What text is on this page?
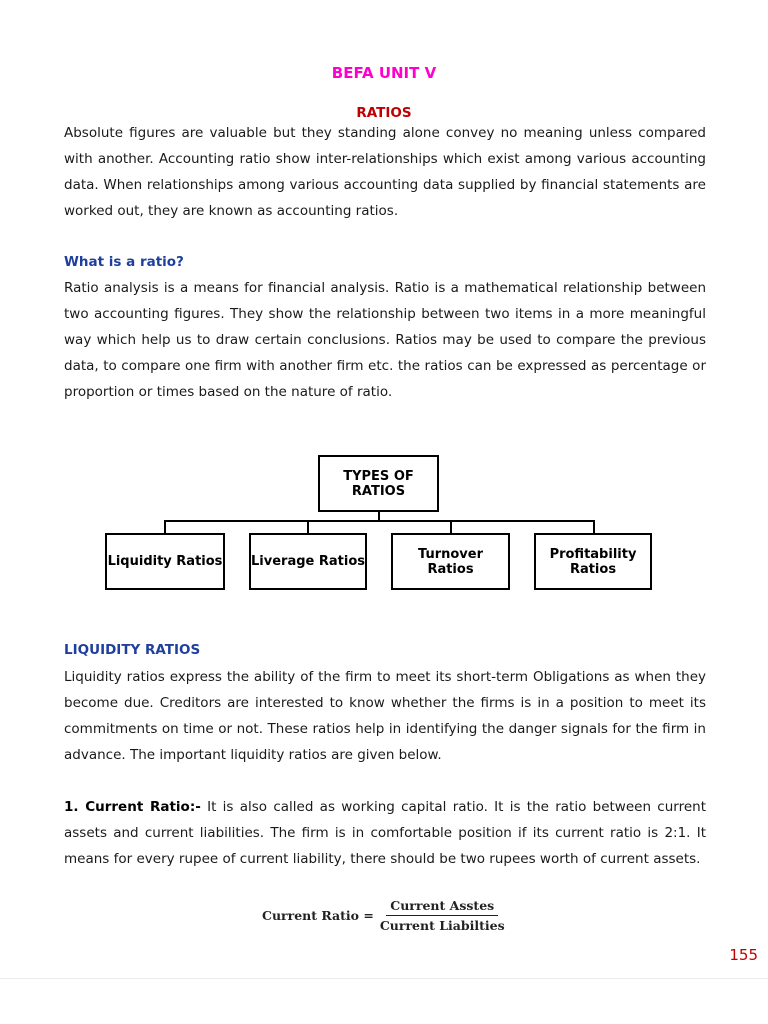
BEFA UNIT V
RATIOS

Absolute figures are valuable but they standing alone convey no meaning unless compared with another. Accounting ratio show inter-relationships which exist among various accounting data. When relationships among various accounting data supplied by financial statements are worked out, they are known as accounting ratios.

What is a ratio?

Ratio analysis is a means for financial analysis. Ratio is a mathematical relationship between two accounting figures. They show the relationship between two items in a more meaningful way which help us to draw certain conclusions. Ratios may be used to compare the previous data, to compare one firm with another firm etc. the ratios can be expressed as percentage or proportion or times based on the nature of ratio.

TYPES OF RATIOS
Liquidity Ratios Liverage Ratios	Turnover Ratios
Profitability Ratios
LIQUIDITY RATIOS

Liquidity ratios express the ability of the firm to meet its short-term Obligations as when they become due. Creditors are interested to know whether the firms is in a position to meet its commitments on time or not. These ratios help in identifying the danger signals for the firm in advance. The important liquidity ratios are given below.

1. Current Ratio:- It is also called as working capital ratio. It is the ratio between current assets and current liabilities. The firm is in comfortable position if its current ratio is 2:1. It means for every rupee of current liability, there should be two rupees worth of current assets.

Current Ratio = $\frac{\text{Current Asstes}}{\text{Current Liabilties}}$
155
